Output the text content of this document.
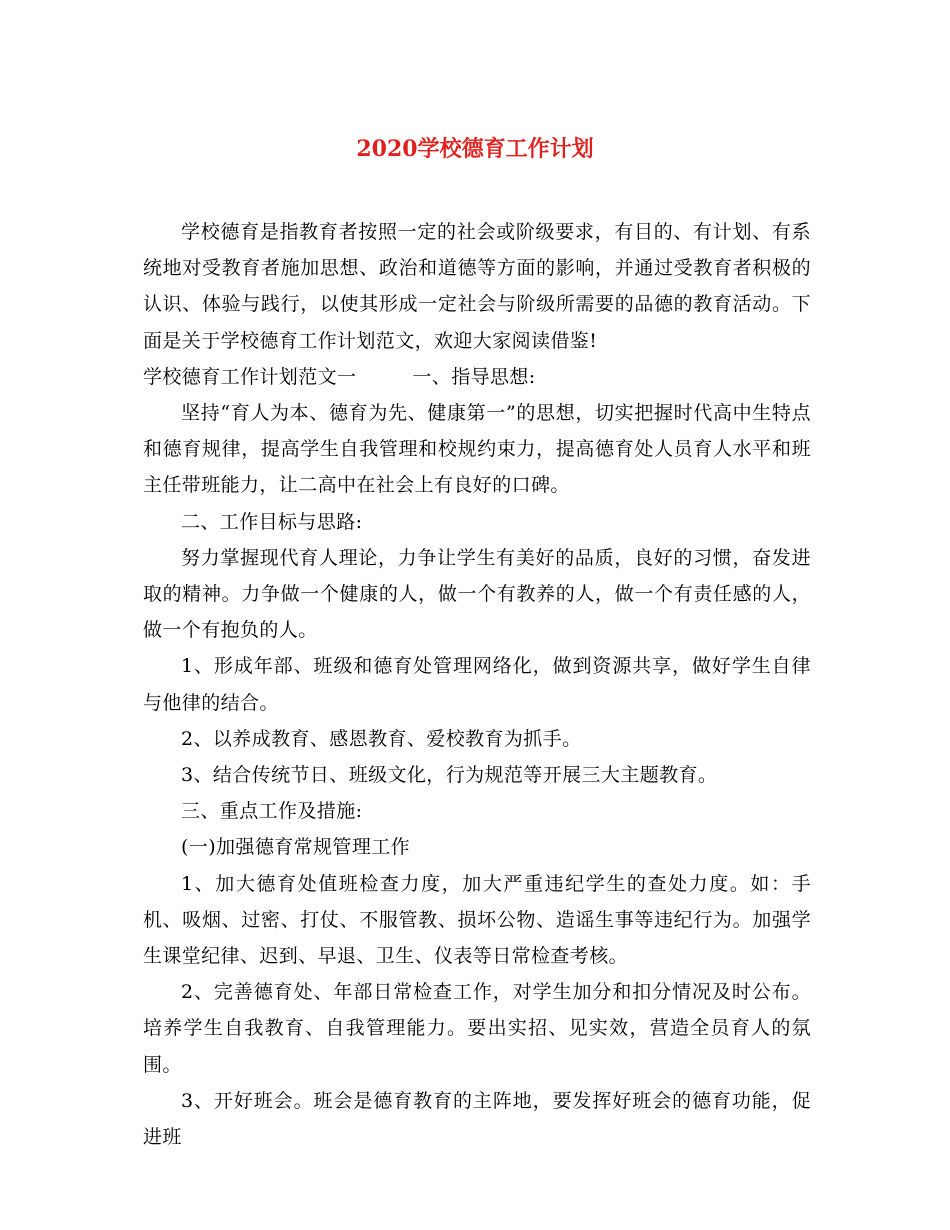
2020学校德育工作计划

学校德育是指教育者按照一定的社会或阶级要求，有目的、有计划、有系统地对受教育者施加思想、政治和道德等方面的影响，并通过受教育者积极的认识、体验与践行，以使其形成一定社会与阶级所需要的品德的教育活动。下面是关于学校德育工作计划范文，欢迎大家阅读借鉴!

学校德育工作计划范文一	一、指导思想:

坚持“育人为本、德育为先、健康第一”的思想，切实把握时代高中生特点和德育规律，提高学生自我管理和校规约束力，提高德育处人员育人水平和班主任带班能力，让二高中在社会上有良好的口碑。

二、工作目标与思路:

努力掌握现代育人理论，力争让学生有美好的品质，良好的习惯，奋发进取的精神。力争做一个健康的人，做一个有教养的人，做一个有责任感的人，做一个有抱负的人。

1、形成年部、班级和德育处管理网络化，做到资源共享，做好学生自律与他律的结合。

2、以养成教育、感恩教育、爱校教育为抓手。

3、结合传统节日、班级文化，行为规范等开展三大主题教育。

三、重点工作及措施:

(一)加强德育常规管理工作

1、加大德育处值班检查力度，加大严重违纪学生的查处力度。如：手机、吸烟、过密、打仗、不服管教、损坏公物、造谣生事等违纪行为。加强学生课堂纪律、迟到、早退、卫生、仪表等日常检查考核。

2、完善德育处、年部日常检查工作，对学生加分和扣分情况及时公布。培养学生自我教育、自我管理能力。要出实招、见实效，营造全员育人的氛围。

3、开好班会。班会是德育教育的主阵地，要发挥好班会的德育功能，促进班
